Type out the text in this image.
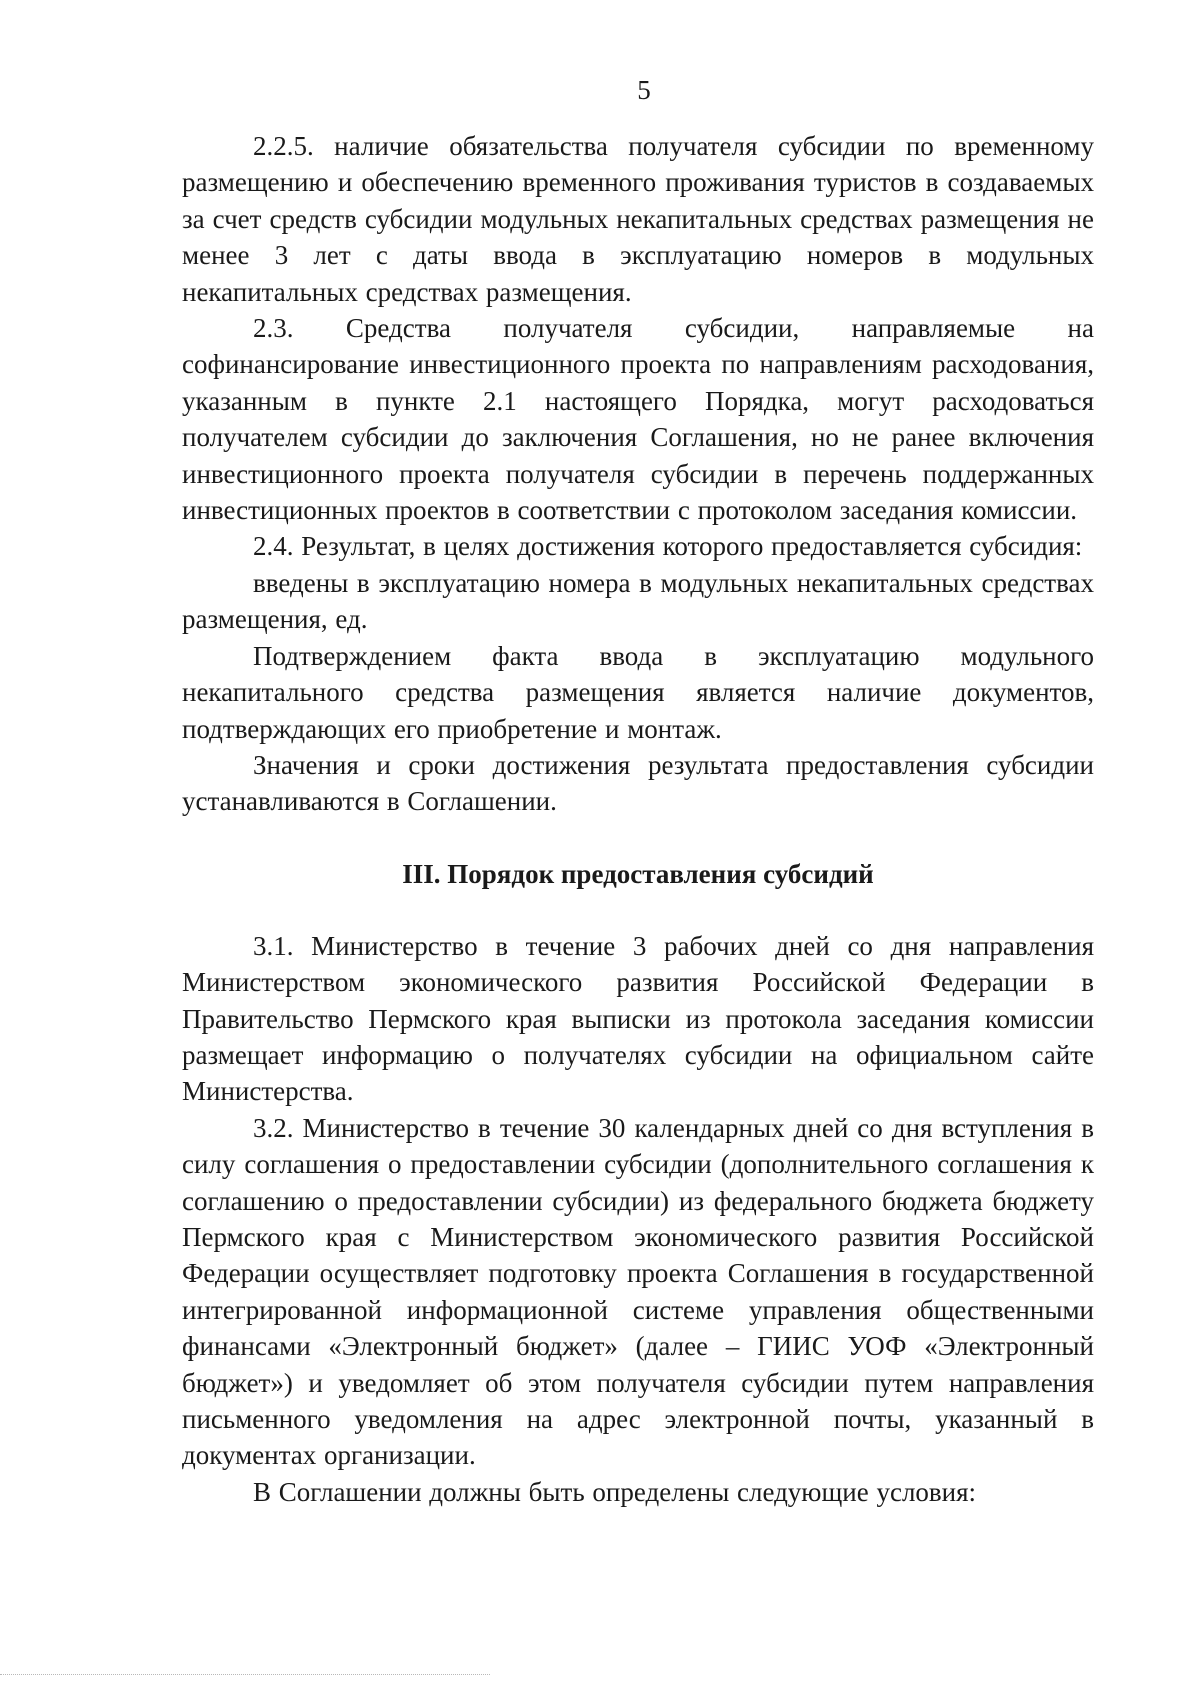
5

2.2.5. наличие обязательства получателя субсидии по временному размещению и обеспечению временного проживания туристов в создаваемых за счет средств субсидии модульных некапитальных средствах размещения не менее 3 лет с даты ввода в эксплуатацию номеров в модульных некапитальных средствах размещения.

2.3. Средства получателя субсидии, направляемые на софинансирование инвестиционного проекта по направлениям расходования, указанным в пункте 2.1 настоящего Порядка, могут расходоваться получателем субсидии до заключения Соглашения, но не ранее включения инвестиционного проекта получателя субсидии в перечень поддержанных инвестиционных проектов в соответствии с протоколом заседания комиссии.

2.4. Результат, в целях достижения которого предоставляется субсидия:

введены в эксплуатацию номера в модульных некапитальных средствах размещения, ед.

Подтверждением факта ввода в эксплуатацию модульного некапитального средства размещения является наличие документов, подтверждающих его приобретение и монтаж.

Значения и сроки достижения результата предоставления субсидии устанавливаются в Соглашении.

III. Порядок предоставления субсидий

3.1. Министерство в течение 3 рабочих дней со дня направления Министерством экономического развития Российской Федерации в Правительство Пермского края выписки из протокола заседания комиссии размещает информацию о получателях субсидии на официальном сайте Министерства.

3.2. Министерство в течение 30 календарных дней со дня вступления в силу соглашения о предоставлении субсидии (дополнительного соглашения к соглашению о предоставлении субсидии) из федерального бюджета бюджету Пермского края с Министерством экономического развития Российской Федерации осуществляет подготовку проекта Соглашения в государственной интегрированной информационной системе управления общественными финансами «Электронный бюджет» (далее – ГИИС УОФ «Электронный бюджет») и уведомляет об этом получателя субсидии путем направления письменного уведомления на адрес электронной почты, указанный в документах организации.

В Соглашении должны быть определены следующие условия:
